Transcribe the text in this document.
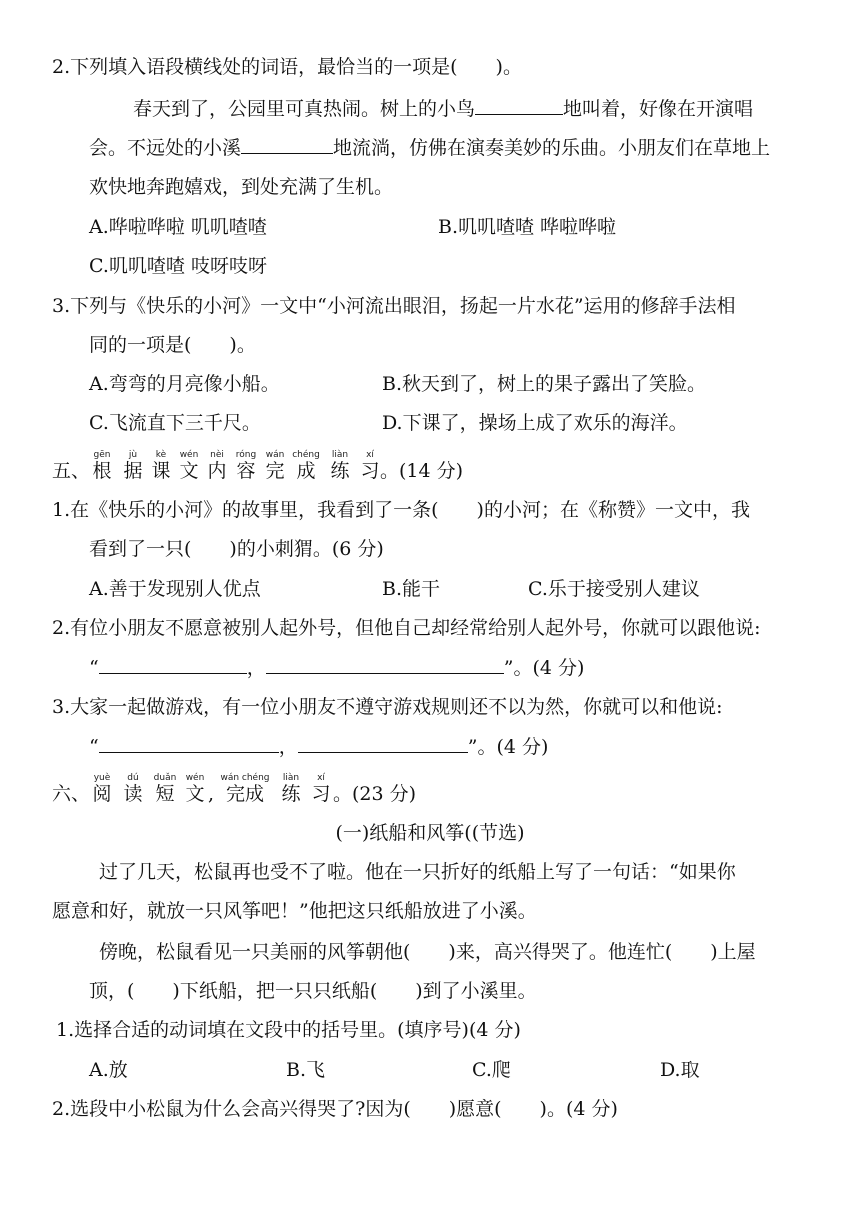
2.下列填入语段横线处的词语，最恰当的一项是(　　)。
春天到了，公园里可真热闹。树上的小鸟	地叫着，好像在开演唱
会。不远处的小溪	地流淌，仿佛在演奏美妙的乐曲。小朋友们在草地上
欢快地奔跑嬉戏，到处充满了生机。
A.哗啦哗啦 叽叽喳喳	B.叽叽喳喳 哗啦哗啦
C.叽叽喳喳 吱呀吱呀
3.下列与《快乐的小河》一文中“小河流出眼泪，扬起一片水花”运用的修辞手法相
同的一项是(　　)。
A.弯弯的月亮像小船。	B.秋天到了，树上的果子露出了笑脸。
C.飞流直下三千尺。	D.下课了，操场上成了欢乐的海洋。
五、
gēn
根
jù
据
kè
课
wén
文
nèi
内
róng
容
wán
完
chéng
成
liàn
练
xí
习 。(14 分)
1.在《快乐的小河》的故事里，我看到了一条(　　)的小河；在《称赞》一文中，我
看到了一只(　　)的小刺猬。(6 分)
A.善于发现别人优点	B.能干	C.乐于接受别人建议
2.有位小朋友不愿意被别人起外号，但他自己却经常给别人起外号，你就可以跟他说:
“	，	”。(4 分)
3.大家一起做游戏，有一位小朋友不遵守游戏规则还不以为然，你就可以和他说:
“	，	”。(4 分)
六、
yuè
阅
dú
读
duǎn
短
wén
文 ,
wán chéng
完成
liàn
练
xí
习 。(23 分)
(一)纸船和风筝((节选)
过了几天，松鼠再也受不了啦。他在一只折好的纸船上写了一句话：“如果你
愿意和好，就放一只风筝吧！”他把这只纸船放进了小溪。
傍晚，松鼠看见一只美丽的风筝朝他(　　)来，高兴得哭了。他连忙(　　)上屋
顶，(　　)下纸船，把一只只纸船(　　)到了小溪里。
1.选择合适的动词填在文段中的括号里。(填序号)(4 分)
A.放	B.飞	C.爬	D.取
2.选段中小松鼠为什么会高兴得哭了?因为(　　)愿意(　　)。(4 分)
